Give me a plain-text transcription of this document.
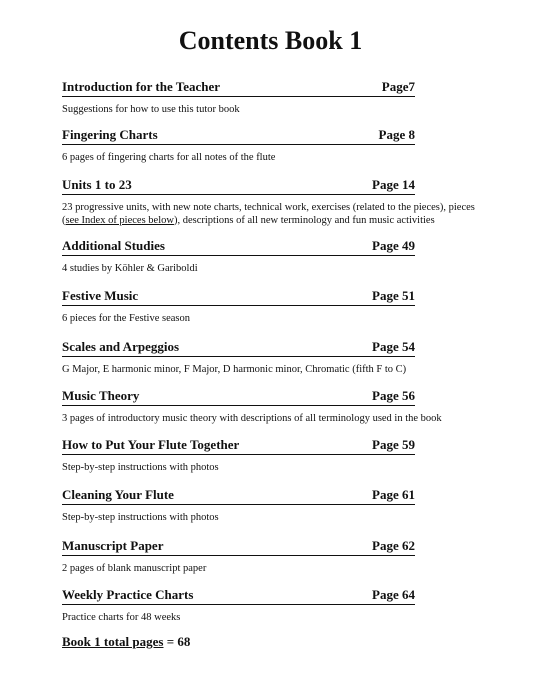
Contents Book 1
Introduction for the Teacher	Page7
Suggestions for how to use this tutor book
Fingering Charts	Page 8
6 pages of fingering charts for all notes of the flute
Units 1 to 23	Page 14
23 progressive units, with new note charts, technical work, exercises (related to the pieces), pieces (see Index of pieces below), descriptions of all new terminology and fun music activities
Additional Studies	Page 49
4 studies by Köhler & Gariboldi
Festive Music	Page 51
6 pieces for the Festive season
Scales and Arpeggios	Page 54
G Major, E harmonic minor, F Major, D harmonic minor, Chromatic (fifth F to C)
Music Theory	Page 56
3 pages of introductory music theory with descriptions of all terminology used in the book
How to Put Your Flute Together	Page 59
Step-by-step instructions with photos
Cleaning Your Flute	Page 61
Step-by-step instructions with photos
Manuscript Paper	Page 62
2 pages of blank manuscript paper
Weekly Practice Charts	Page 64
Practice charts for 48 weeks
Book 1 total pages = 68
